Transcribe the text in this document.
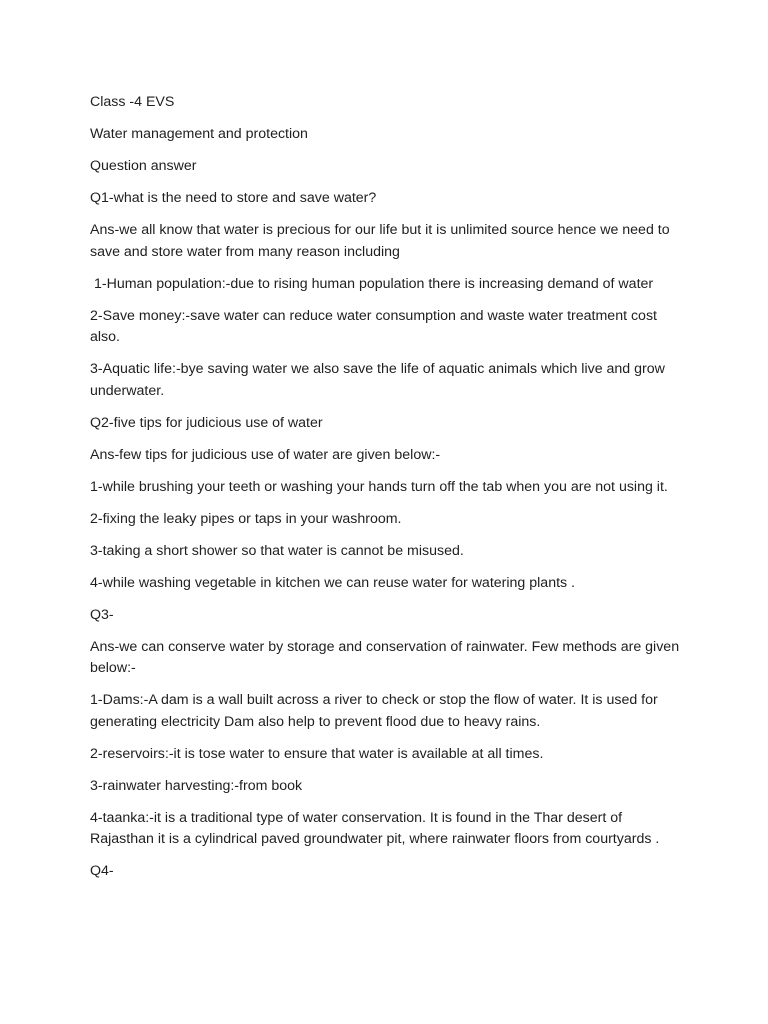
Class -4 EVS

Water management and protection

Question answer

Q1-what is the need to store and save water?

Ans-we all know that water is precious for our life but it is unlimited source hence we need to save and store water from many reason including

1-Human population:-due to rising human population there is increasing demand of water

2-Save money:-save water can reduce water consumption and waste water treatment cost also.

3-Aquatic life:-bye saving water we also save the life of aquatic animals which live and grow underwater.

Q2-five tips for judicious use of water

Ans-few tips for judicious use of water are given below:-

1-while brushing your teeth or washing your hands turn off the tab when you are not using it.

2-fixing the leaky pipes or taps in your washroom.

3-taking a short shower so that water is cannot be misused.

4-while washing vegetable in kitchen we can reuse water for watering plants .

Q3-

Ans-we can conserve water by storage and conservation of rainwater. Few methods are given below:-

1-Dams:-A dam is a wall built across a river to check or stop the flow of water. It is used for generating electricity Dam also help to prevent flood due to heavy rains.

2-reservoirs:-it is tose water to ensure that water is available at all times.

3-rainwater harvesting:-from book

4-taanka:-it is a traditional type of water conservation. It is found in the Thar desert of Rajasthan it is a cylindrical paved groundwater pit, where rainwater floors from courtyards .

Q4-
